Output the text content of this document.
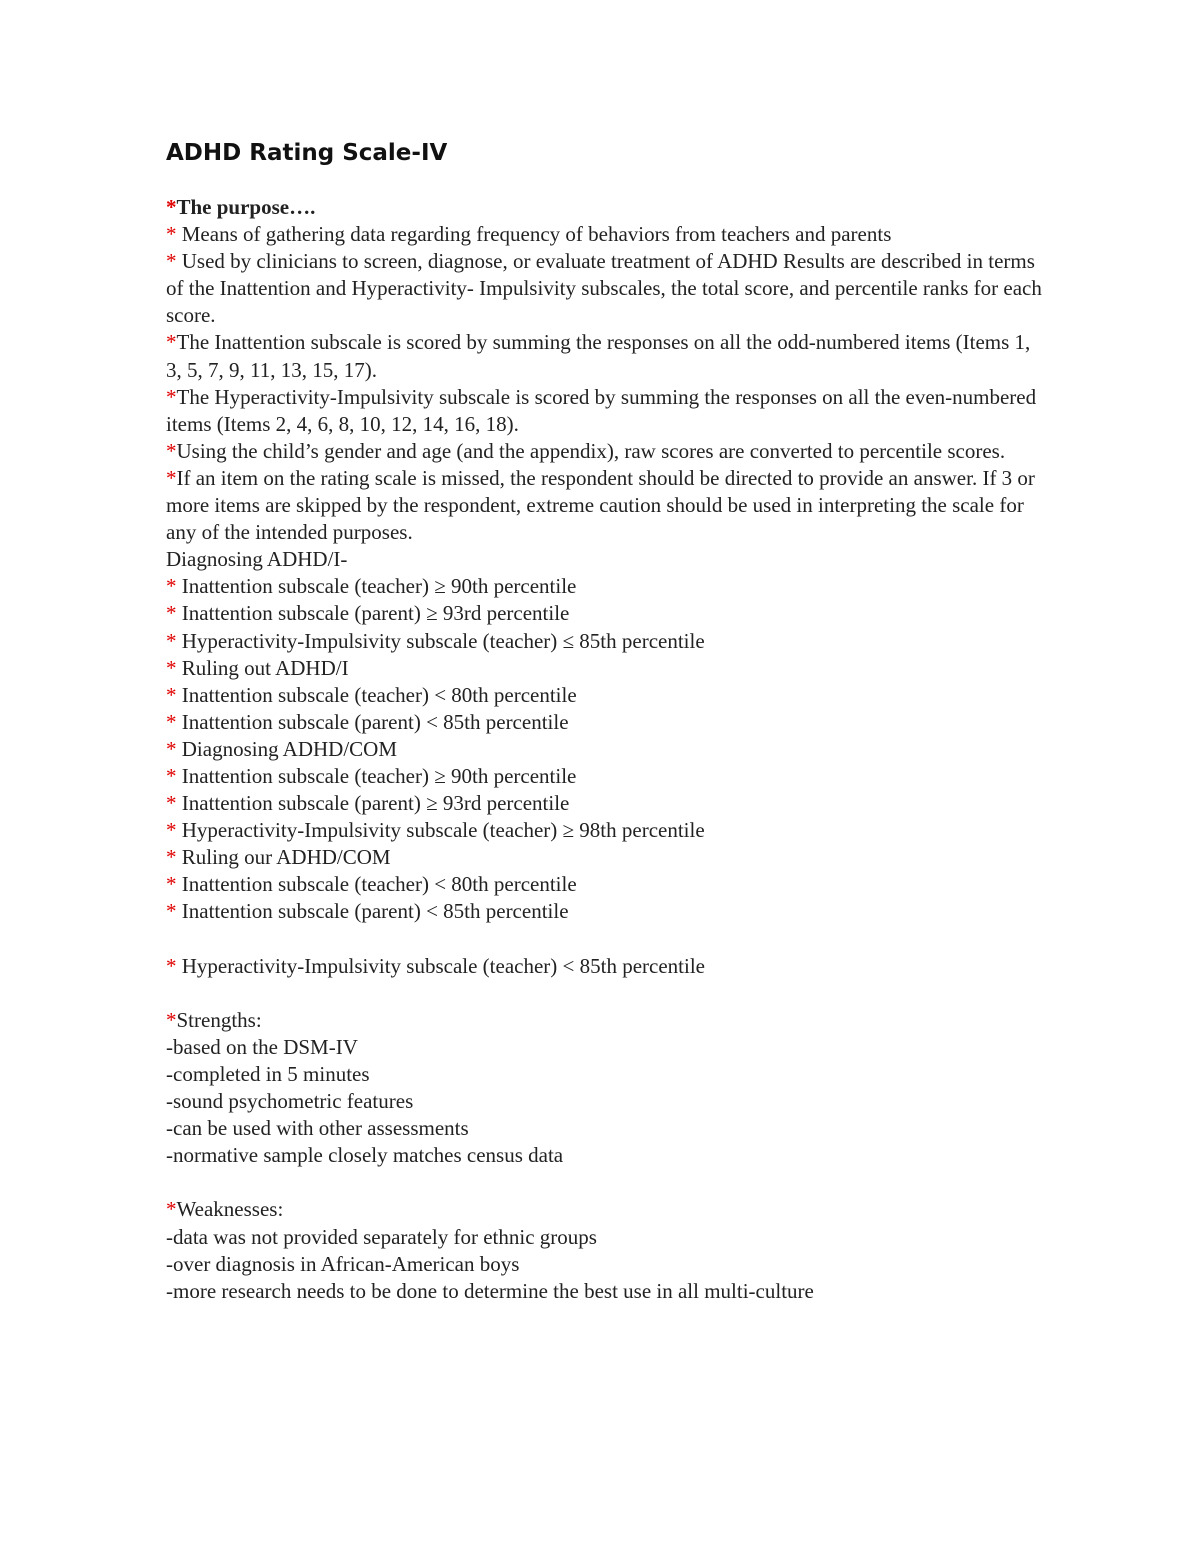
ADHD Rating Scale-IV

*The purpose….

* Means of gathering data regarding frequency of behaviors from teachers and parents

* Used by clinicians to screen, diagnose, or evaluate treatment of ADHD Results are described in terms of the Inattention and Hyperactivity- Impulsivity subscales, the total score, and percentile ranks for each score.

*The Inattention subscale is scored by summing the responses on all the odd-numbered items (Items 1, 3, 5, 7, 9, 11, 13, 15, 17).

*The Hyperactivity-Impulsivity subscale is scored by summing the responses on all the even-numbered items (Items 2, 4, 6, 8, 10, 12, 14, 16, 18).

*Using the child’s gender and age (and the appendix), raw scores are converted to percentile scores.

*If an item on the rating scale is missed, the respondent should be directed to provide an answer. If 3 or more items are skipped by the respondent, extreme caution should be used in interpreting the scale for any of the intended purposes.

Diagnosing ADHD/I-

* Inattention subscale (teacher) ≥ 90th percentile

* Inattention subscale (parent) ≥ 93rd percentile

* Hyperactivity-Impulsivity subscale (teacher) ≤ 85th percentile

* Ruling out ADHD/I

* Inattention subscale (teacher) < 80th percentile

* Inattention subscale (parent) < 85th percentile

* Diagnosing ADHD/COM

* Inattention subscale (teacher) ≥ 90th percentile

* Inattention subscale (parent) ≥ 93rd percentile

* Hyperactivity-Impulsivity subscale (teacher) ≥ 98th percentile

* Ruling our ADHD/COM

* Inattention subscale (teacher) < 80th percentile

* Inattention subscale (parent) < 85th percentile

* Hyperactivity-Impulsivity subscale (teacher) < 85th percentile

*Strengths:

-based on the DSM-IV

-completed in 5 minutes

-sound psychometric features

-can be used with other assessments

-normative sample closely matches census data

*Weaknesses:

-data was not provided separately for ethnic groups

-over diagnosis in African-American boys

-more research needs to be done to determine the best use in all multi-culture
